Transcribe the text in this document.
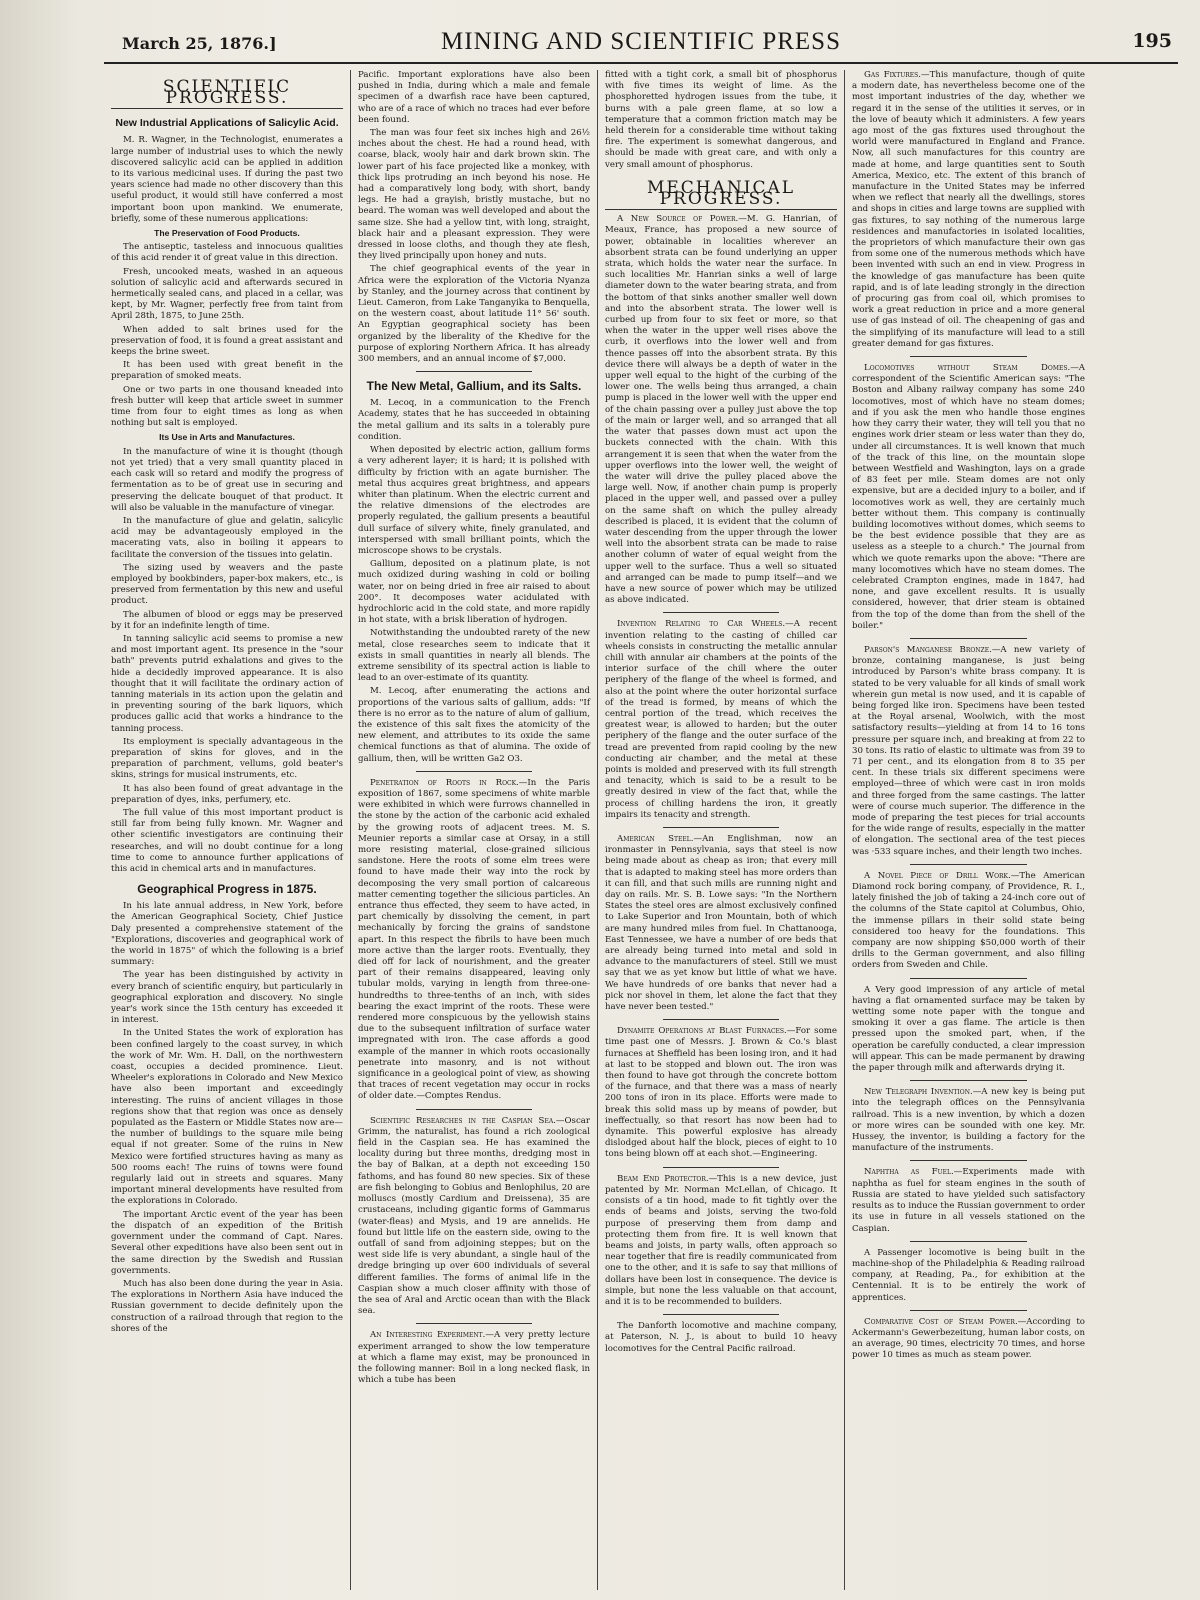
March 25, 1876.]	MINING AND SCIENTIFIC PRESS	195
SCIENTIFIC PROGRESS.
New Industrial Applications of Salicylic Acid.

M. R. Wagner, in the Technologist, enumerates a large number of industrial uses to which the newly discovered salicylic acid can be applied in addition to its various medicinal uses. If during the past two years science had made no other discovery than this useful product, it would still have conferred a most important boon upon mankind. We enumerate, briefly, some of these numerous applications:

The Preservation of Food Products.

The antiseptic, tasteless and innocuous qualities of this acid render it of great value in this direction.

Fresh, uncooked meats, washed in an aqueous solution of salicylic acid and afterwards secured in hermetically sealed cans, and placed in a cellar, was kept, by Mr. Wagner, perfectly free from taint from April 28th, 1875, to June 25th.

When added to salt brines used for the preservation of food, it is found a great assistant and keeps the brine sweet.

It has been used with great benefit in the preparation of smoked meats.

One or two parts in one thousand kneaded into fresh butter will keep that article sweet in summer time from four to eight times as long as when nothing but salt is employed.

Its Use in Arts and Manufactures.

In the manufacture of wine it is thought (though not yet tried) that a very small quantity placed in each cask will so retard and modify the progress of fermentation as to be of great use in securing and preserving the delicate bouquet of that product. It will also be valuable in the manufacture of vinegar.

In the manufacture of glue and gelatin, salicylic acid may be advantageously employed in the macerating vats, also in boiling it appears to facilitate the conversion of the tissues into gelatin.

The sizing used by weavers and the paste employed by bookbinders, paper-box makers, etc., is preserved from fermentation by this new and useful product.

The albumen of blood or eggs may be preserved by it for an indefinite length of time.

In tanning salicylic acid seems to promise a new and most important agent. Its presence in the "sour bath" prevents putrid exhalations and gives to the hide a decidedly improved appearance. It is also thought that it will facilitate the ordinary action of tanning materials in its action upon the gelatin and in preventing souring of the bark liquors, which produces gallic acid that works a hindrance to the tanning process.

Its employment is specially advantageous in the preparation of skins for gloves, and in the preparation of parchment, vellums, gold beater's skins, strings for musical instruments, etc.

It has also been found of great advantage in the preparation of dyes, inks, perfumery, etc.

The full value of this most important product is still far from being fully known. Mr. Wagner and other scientific investigators are continuing their researches, and will no doubt continue for a long time to come to announce further applications of this acid in chemical arts and in manufactures.

Geographical Progress in 1875.

In his late annual address, in New York, before the American Geographical Society, Chief Justice Daly presented a comprehensive statement of the "Explorations, discoveries and geographical work of the world in 1875" of which the following is a brief summary:

The year has been distinguished by activity in every branch of scientific enquiry, but particularly in geographical exploration and discovery. No single year's work since the 15th century has exceeded it in interest.

In the United States the work of exploration has been confined largely to the coast survey, in which the work of Mr. Wm. H. Dall, on the northwestern coast, occupies a decided prominence. Lieut. Wheeler's explorations in Colorado and New Mexico have also been important and exceedingly interesting. The ruins of ancient villages in those regions show that that region was once as densely populated as the Eastern or Middle States now are—the number of buildings to the square mile being equal if not greater. Some of the ruins in New Mexico were fortified structures having as many as 500 rooms each! The ruins of towns were found regularly laid out in streets and squares. Many important mineral developments have resulted from the explorations in Colorado.

The important Arctic event of the year has been the dispatch of an expedition of the British government under the command of Capt. Nares. Several other expeditions have also been sent out in the same direction by the Swedish and Russian governments.

Much has also been done during the year in Asia. The explorations in Northern Asia have induced the Russian government to decide definitely upon the construction of a railroad through that region to the shores of the

Pacific. Important explorations have also been pushed in India, during which a male and female specimen of a dwarfish race have been captured, who are of a race of which no traces had ever before been found.

The man was four feet six inches high and 26½ inches about the chest. He had a round head, with coarse, black, wooly hair and dark brown skin. The lower part of his face projected like a monkey, with thick lips protruding an inch beyond his nose. He had a comparatively long body, with short, bandy legs. He had a grayish, bristly mustache, but no beard. The woman was well developed and about the same size. She had a yellow tint, with long, straight, black hair and a pleasant expression. They were dressed in loose cloths, and though they ate flesh, they lived principally upon honey and nuts.

The chief geographical events of the year in Africa were the exploration of the Victoria Nyanza by Stanley, and the journey across that continent by Lieut. Cameron, from Lake Tanganyika to Benquella, on the western coast, about latitude 11° 56' south. An Egyptian geographical society has been organized by the liberality of the Khedive for the purpose of exploring Northern Africa. It has already 300 members, and an annual income of $7,000.

The New Metal, Gallium, and its Salts.

M. Lecoq, in a communication to the French Academy, states that he has succeeded in obtaining the metal gallium and its salts in a tolerably pure condition.

When deposited by electric action, gallium forms a very adherent layer; it is hard; it is polished with difficulty by friction with an agate burnisher. The metal thus acquires great brightness, and appears whiter than platinum. When the electric current and the relative dimensions of the electrodes are properly regulated, the gallium presents a beautiful dull surface of silvery white, finely granulated, and interspersed with small brilliant points, which the microscope shows to be crystals.

Gallium, deposited on a platinum plate, is not much oxidized during washing in cold or boiling water, nor on being dried in free air raised to about 200°. It decomposes water acidulated with hydrochloric acid in the cold state, and more rapidly in hot state, with a brisk liberation of hydrogen.

Notwithstanding the undoubted rarety of the new metal, close researches seem to indicate that it exists in small quantities in nearly all blends. The extreme sensibility of its spectral action is liable to lead to an over-estimate of its quantity.

M. Lecoq, after enumerating the actions and proportions of the various salts of gallium, adds: "If there is no error as to the nature of alum of gallium, the existence of this salt fixes the atomicity of the new element, and attributes to its oxide the same chemical functions as that of alumina. The oxide of gallium, then, will be written Ga2 O3.

Penetration of Roots in Rock.—In the Paris exposition of 1867, some specimens of white marble were exhibited in which were furrows channelled in the stone by the action of the carbonic acid exhaled by the growing roots of adjacent trees. M. S. Meunier reports a similar case at Orsay, in a still more resisting material, close-grained silicious sandstone. Here the roots of some elm trees were found to have made their way into the rock by decomposing the very small portion of calcareous matter cementing together the silicious particles. An entrance thus effected, they seem to have acted, in part chemically by dissolving the cement, in part mechanically by forcing the grains of sandstone apart. In this respect the fibrils to have been much more active than the larger roots. Eventually, they died off for lack of nourishment, and the greater part of their remains disappeared, leaving only tubular molds, varying in length from three-one-hundredths to three-tenths of an inch, with sides bearing the exact imprint of the roots. These were rendered more conspicuous by the yellowish stains due to the subsequent infiltration of surface water impregnated with iron. The case affords a good example of the manner in which roots occasionally penetrate into masonry, and is not without significance in a geological point of view, as showing that traces of recent vegetation may occur in rocks of older date.—Comptes Rendus.

Scientific Researches in the Caspian Sea.—Oscar Grimm, the naturalist, has found a rich zoological field in the Caspian sea. He has examined the locality during but three months, dredging most in the bay of Balkan, at a depth not exceeding 150 fathoms, and has found 80 new species. Six of these are fish belonging to Gobius and Benlophilus, 20 are molluscs (mostly Cardium and Dreissena), 35 are crustaceans, including gigantic forms of Gammarus (water-fleas) and Mysis, and 19 are annelids. He found but little life on the eastern side, owing to the outfall of sand from adjoining steppes; but on the west side life is very abundant, a single haul of the dredge bringing up over 600 individuals of several different families. The forms of animal life in the Caspian show a much closer affinity with those of the sea of Aral and Arctic ocean than with the Black sea.

An Interesting Experiment.—A very pretty lecture experiment arranged to show the low temperature at which a flame may exist, may be pronounced in the following manner: Boil in a long necked flask, in which a tube has been

fitted with a tight cork, a small bit of phosphorus with five times its weight of lime. As the phosphoretted hydrogen issues from the tube, it burns with a pale green flame, at so low a temperature that a common friction match may be held therein for a considerable time without taking fire. The experiment is somewhat dangerous, and should be made with great care, and with only a very small amount of phosphorus.

MECHANICAL PROGRESS.

A New Source of Power.—M. G. Hanrian, of Meaux, France, has proposed a new source of power, obtainable in localities wherever an absorbent strata can be found underlying an upper strata, which holds the water near the surface. In such localities Mr. Hanrian sinks a well of large diameter down to the water bearing strata, and from the bottom of that sinks another smaller well down and into the absorbent strata. The lower well is curbed up from four to six feet or more, so that when the water in the upper well rises above the curb, it overflows into the lower well and from thence passes off into the absorbent strata. By this device there will always be a depth of water in the upper well equal to the hight of the curbing of the lower one. The wells being thus arranged, a chain pump is placed in the lower well with the upper end of the chain passing over a pulley just above the top of the main or larger well, and so arranged that all the water that passes down must act upon the buckets connected with the chain. With this arrangement it is seen that when the water from the upper overflows into the lower well, the weight of the water will drive the pulley placed above the large well. Now, if another chain pump is properly placed in the upper well, and passed over a pulley on the same shaft on which the pulley already described is placed, it is evident that the column of water descending from the upper through the lower well into the absorbent strata can be made to raise another column of water of equal weight from the upper well to the surface. Thus a well so situated and arranged can be made to pump itself—and we have a new source of power which may be utilized as above indicated.

Invention Relating to Car Wheels.—A recent invention relating to the casting of chilled car wheels consists in constructing the metallic annular chill with annular air chambers at the points of the interior surface of the chill where the outer periphery of the flange of the wheel is formed, and also at the point where the outer horizontal surface of the tread is formed, by means of which the central portion of the tread, which receives the greatest wear, is allowed to harden; but the outer periphery of the flange and the outer surface of the tread are prevented from rapid cooling by the new conducting air chamber, and the metal at these points is molded and preserved with its full strength and tenacity, which is said to be a result to be greatly desired in view of the fact that, while the process of chilling hardens the iron, it greatly impairs its tenacity and strength.

American Steel.—An Englishman, now an ironmaster in Pennsylvania, says that steel is now being made about as cheap as iron; that every mill that is adapted to making steel has more orders than it can fill, and that such mills are running night and day on rails. Mr. S. B. Lowe says: "In the Northern States the steel ores are almost exclusively confined to Lake Superior and Iron Mountain, both of which are many hundred miles from fuel. In Chattanooga, East Tennessee, we have a number of ore beds that are already being turned into metal and sold in advance to the manufacturers of steel. Still we must say that we as yet know but little of what we have. We have hundreds of ore banks that never had a pick nor shovel in them, let alone the fact that they have never been tested."

Dynamite Operations at Blast Furnaces.—For some time past one of Messrs. J. Brown & Co.'s blast furnaces at Sheffield has been losing iron, and it had at last to be stopped and blown out. The iron was then found to have got through the concrete bottom of the furnace, and that there was a mass of nearly 200 tons of iron in its place. Efforts were made to break this solid mass up by means of powder, but ineffectually, so that resort has now been had to dynamite. This powerful explosive has already dislodged about half the block, pieces of eight to 10 tons being blown off at each shot.—Engineering.

Beam End Protector.—This is a new device, just patented by Mr. Norman McLellan, of Chicago. It consists of a tin hood, made to fit tightly over the ends of beams and joists, serving the two-fold purpose of preserving them from damp and protecting them from fire. It is well known that beams and joists, in party walls, often approach so near together that fire is readily communicated from one to the other, and it is safe to say that millions of dollars have been lost in consequence. The device is simple, but none the less valuable on that account, and it is to be recommended to builders.

The Danforth locomotive and machine company, at Paterson, N. J., is about to build 10 heavy locomotives for the Central Pacific railroad.

Gas Fixtures.—This manufacture, though of quite a modern date, has nevertheless become one of the most important industries of the day, whether we regard it in the sense of the utilities it serves, or in the love of beauty which it administers. A few years ago most of the gas fixtures used throughout the world were manufactured in England and France. Now, all such manufactures for this country are made at home, and large quantities sent to South America, Mexico, etc. The extent of this branch of manufacture in the United States may be inferred when we reflect that nearly all the dwellings, stores and shops in cities and large towns are supplied with gas fixtures, to say nothing of the numerous large residences and manufactories in isolated localities, the proprietors of which manufacture their own gas from some one of the numerous methods which have been invented with such an end in view. Progress in the knowledge of gas manufacture has been quite rapid, and is of late leading strongly in the direction of procuring gas from coal oil, which promises to work a great reduction in price and a more general use of gas instead of oil. The cheapening of gas and the simplifying of its manufacture will lead to a still greater demand for gas fixtures.

Locomotives without Steam Domes.—A correspondent of the Scientific American says: "The Boston and Albany railway company has some 240 locomotives, most of which have no steam domes; and if you ask the men who handle those engines how they carry their water, they will tell you that no engines work drier steam or less water than they do, under all circumstances. It is well known that much of the track of this line, on the mountain slope between Westfield and Washington, lays on a grade of 83 feet per mile. Steam domes are not only expensive, but are a decided injury to a boiler, and if locomotives work as well, they are certainly much better without them. This company is continually building locomotives without domes, which seems to be the best evidence possible that they are as useless as a steeple to a church." The journal from which we quote remarks upon the above: "There are many locomotives which have no steam domes. The celebrated Crampton engines, made in 1847, had none, and gave excellent results. It is usually considered, however, that drier steam is obtained from the top of the dome than from the shell of the boiler."

Parson's Manganese Bronze.—A new variety of bronze, containing manganese, is just being introduced by Parson's white brass company. It is stated to be very valuable for all kinds of small work wherein gun metal is now used, and it is capable of being forged like iron. Specimens have been tested at the Royal arsenal, Woolwich, with the most satisfactory results—yielding at from 14 to 16 tons pressure per square inch, and breaking at from 22 to 30 tons. Its ratio of elastic to ultimate was from 39 to 71 per cent., and its elongation from 8 to 35 per cent. In these trials six different specimens were employed—three of which were cast in iron molds and three forged from the same castings. The latter were of course much superior. The difference in the mode of preparing the test pieces for trial accounts for the wide range of results, especially in the matter of elongation. The sectional area of the test pieces was ·533 square inches, and their length two inches.

A Novel Piece of Drill Work.—The American Diamond rock boring company, of Providence, R. I., lately finished the job of taking a 24-inch core out of the columns of the State capitol at Columbus, Ohio, the immense pillars in their solid state being considered too heavy for the foundations. This company are now shipping $50,000 worth of their drills to the German government, and also filling orders from Sweden and Chile.

A Very good impression of any article of metal having a flat ornamented surface may be taken by wetting some note paper with the tongue and smoking it over a gas flame. The article is then pressed upon the smoked part, when, if the operation be carefully conducted, a clear impression will appear. This can be made permanent by drawing the paper through milk and afterwards drying it.

New Telegraph Invention.—A new key is being put into the telegraph offices on the Pennsylvania railroad. This is a new invention, by which a dozen or more wires can be sounded with one key. Mr. Hussey, the inventor, is building a factory for the manufacture of the instruments.

Naphtha as Fuel.—Experiments made with naphtha as fuel for steam engines in the south of Russia are stated to have yielded such satisfactory results as to induce the Russian government to order its use in future in all vessels stationed on the Caspian.

A Passenger locomotive is being built in the machine-shop of the Philadelphia & Reading railroad company, at Reading, Pa., for exhibition at the Centennial. It is to be entirely the work of apprentices.

Comparative Cost of Steam Power.—According to Ackermann's Gewerbezeitung, human labor costs, on an average, 90 times, electricity 70 times, and horse power 10 times as much as steam power.
